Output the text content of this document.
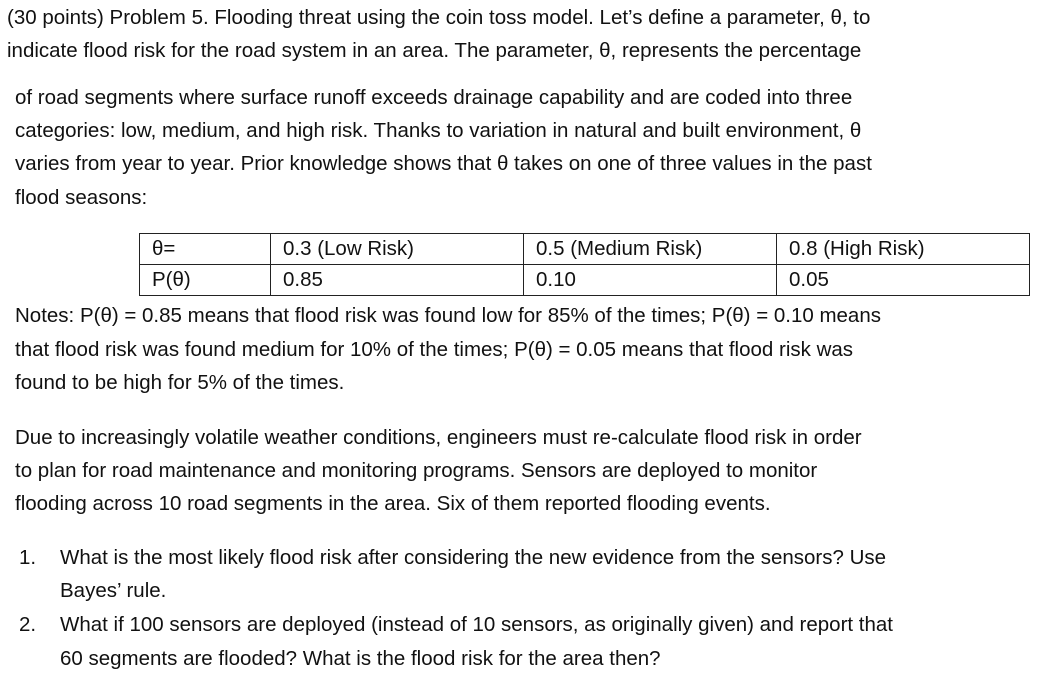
(30 points) Problem 5. Flooding threat using the coin toss model. Let’s define a parameter, θ, to
indicate flood risk for the road system in an area. The parameter, θ, represents the percentage
of road segments where surface runoff exceeds drainage capability and are coded into three
categories: low, medium, and high risk. Thanks to variation in natural and built environment, θ
varies from year to year. Prior knowledge shows that θ takes on one of three values in the past
flood seasons:
θ=	0.3 (Low Risk)	0.5 (Medium Risk)	0.8 (High Risk)
P(θ)	0.85	0.10	0.05
Notes: P(θ) = 0.85 means that flood risk was found low for 85% of the times; P(θ) = 0.10 means
that flood risk was found medium for 10% of the times; P(θ) = 0.05 means that flood risk was
found to be high for 5% of the times.
Due to increasingly volatile weather conditions, engineers must re-calculate flood risk in order
to plan for road maintenance and monitoring programs. Sensors are deployed to monitor
flooding across 10 road segments in the area. Six of them reported flooding events.
1. What is the most likely flood risk after considering the new evidence from the sensors? Use
Bayes’ rule.
2. What if 100 sensors are deployed (instead of 10 sensors, as originally given) and report that
60 segments are flooded? What is the flood risk for the area then?
